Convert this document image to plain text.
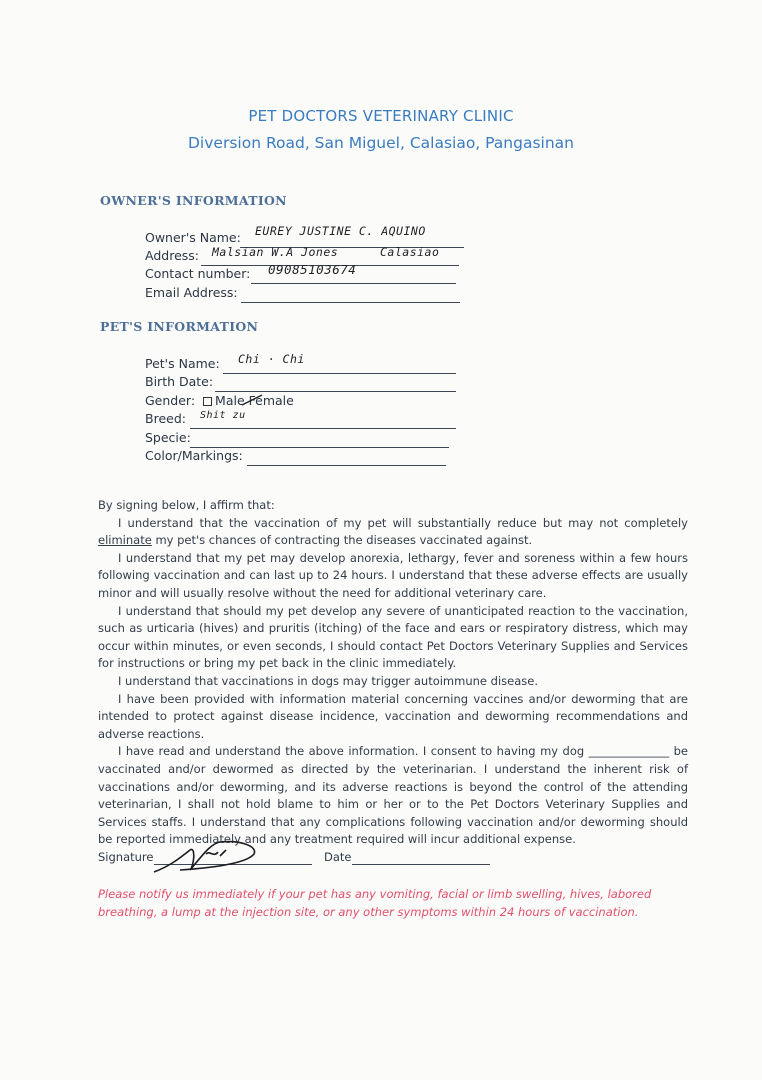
PET DOCTORS VETERINARY CLINIC
Diversion Road, San Miguel, Calasiao, Pangasinan
OWNER'S INFORMATION
Owner's Name: EUREY JUSTINE C. AQUINO
Address: Malsian W.A Jones	Calasiao
Contact number: 09085103674
Email Address:
PET'S INFORMATION
Pet's Name: Chi · Chi
Birth Date:
Gender: Male Female
Breed: Shit zu
Specie:
Color/Markings:

By signing below, I affirm that:

I understand that the vaccination of my pet will substantially reduce but may not completely eliminate my pet's chances of contracting the diseases vaccinated against.

I understand that my pet may develop anorexia, lethargy, fever and soreness within a few hours following vaccination and can last up to 24 hours. I understand that these adverse effects are usually minor and will usually resolve without the need for additional veterinary care.

I understand that should my pet develop any severe of unanticipated reaction to the vaccination, such as urticaria (hives) and pruritis (itching) of the face and ears or respiratory distress, which may occur within minutes, or even seconds, I should contact Pet Doctors Veterinary Supplies and Services for instructions or bring my pet back in the clinic immediately.

I understand that vaccinations in dogs may trigger autoimmune disease.

I have been provided with information material concerning vaccines and/or deworming that are intended to protect against disease incidence, vaccination and deworming recommendations and adverse reactions.

I have read and understand the above information. I consent to having my dog ______________ be vaccinated and/or dewormed as directed by the veterinarian. I understand the inherent risk of vaccinations and/or deworming, and its adverse reactions is beyond the control of the attending veterinarian, I shall not hold blame to him or her or to the Pet Doctors Veterinary Supplies and Services staffs. I understand that any complications following vaccination and/or deworming should be reported immediately and any treatment required will incur additional expense.

Signature	Date
Please notify us immediately if your pet has any vomiting, facial or limb swelling, hives, labored breathing, a lump at the injection site, or any other symptoms within 24 hours of vaccination.
